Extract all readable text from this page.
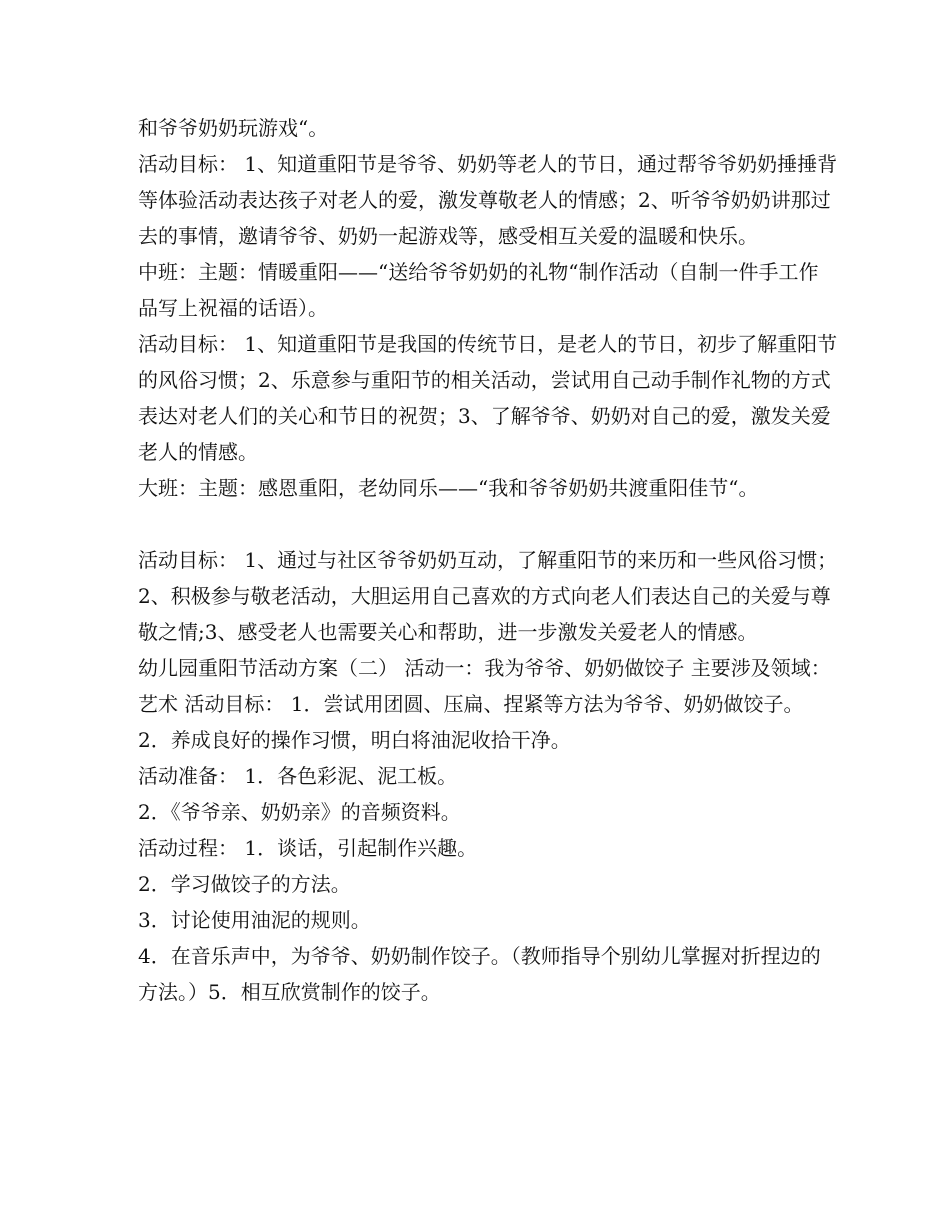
和爷爷奶奶玩游戏“。

活动目标： 1、知道重阳节是爷爷、奶奶等老人的节日，通过帮爷爷奶奶捶捶背等体验活动表达孩子对老人的爱，激发尊敬老人的情感；2、听爷爷奶奶讲那过去的事情，邀请爷爷、奶奶一起游戏等，感受相互关爱的温暖和快乐。

中班：主题：情暖重阳——“送给爷爷奶奶的礼物“制作活动（自制一件手工作品写上祝福的话语）。

活动目标： 1、知道重阳节是我国的传统节日，是老人的节日，初步了解重阳节的风俗习惯；2、乐意参与重阳节的相关活动，尝试用自己动手制作礼物的方式表达对老人们的关心和节日的祝贺；3、了解爷爷、奶奶对自己的爱，激发关爱老人的情感。

大班：主题：感恩重阳，老幼同乐——“我和爷爷奶奶共渡重阳佳节“。

活动目标： 1、通过与社区爷爷奶奶互动，了解重阳节的来历和一些风俗习惯；2、积极参与敬老活动，大胆运用自己喜欢的方式向老人们表达自己的关爱与尊敬之情;3、感受老人也需要关心和帮助，进一步激发关爱老人的情感。

幼儿园重阳节活动方案（二） 活动一：我为爷爷、奶奶做饺子 主要涉及领域：艺术 活动目标： 1．尝试用团圆、压扁、捏紧等方法为爷爷、奶奶做饺子。

2．养成良好的操作习惯，明白将油泥收拾干净。

活动准备： 1．各色彩泥、泥工板。

2．《爷爷亲、奶奶亲》的音频资料。

活动过程： 1．谈话，引起制作兴趣。

2．学习做饺子的方法。

3．讨论使用油泥的规则。

4．在音乐声中，为爷爷、奶奶制作饺子。（教师指导个别幼儿掌握对折捏边的方法。）5．相互欣赏制作的饺子。
